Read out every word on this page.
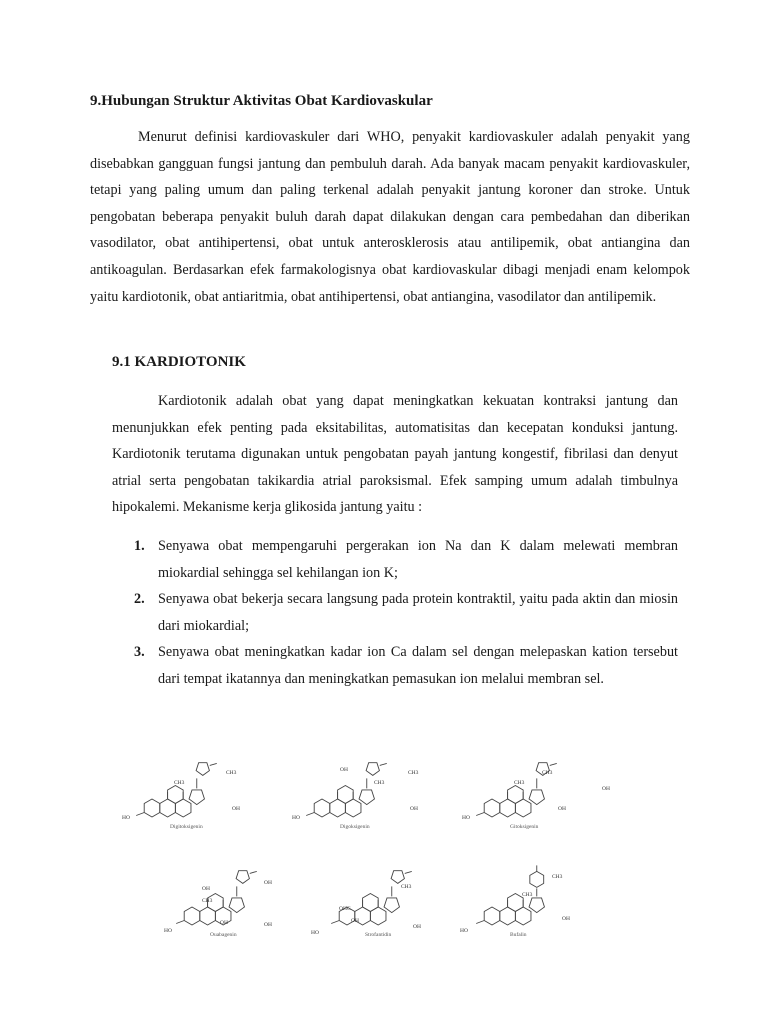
9.Hubungan Struktur Aktivitas Obat Kardiovaskular

Menurut definisi kardiovaskuler dari WHO, penyakit kardiovaskuler adalah penyakit yang disebabkan gangguan fungsi jantung dan pembuluh darah. Ada banyak macam penyakit kardiovaskuler, tetapi yang paling umum dan paling terkenal adalah penyakit jantung koroner dan stroke. Untuk pengobatan beberapa penyakit buluh darah dapat dilakukan dengan cara pembedahan dan diberikan vasodilator, obat antihipertensi, obat untuk anterosklerosis atau antilipemik, obat antiangina dan antikoagulan. Berdasarkan efek farmakologisnya obat kardiovaskular dibagi menjadi enam kelompok yaitu kardiotonik, obat antiaritmia, obat antihipertensi, obat antiangina, vasodilator dan antilipemik.

9.1 KARDIOTONIK

Kardiotonik adalah obat yang dapat meningkatkan kekuatan kontraksi jantung dan menunjukkan efek penting pada eksitabilitas, automatisitas dan kecepatan konduksi jantung. Kardiotonik terutama digunakan untuk pengobatan payah jantung kongestif, fibrilasi dan denyut atrial serta pengobatan takikardia atrial paroksismal. Efek samping umum adalah timbulnya hipokalemi. Mekanisme kerja glikosida jantung yaitu :

1. Senyawa obat mempengaruhi pergerakan ion Na dan K dalam melewati membran miokardial sehingga sel kehilangan ion K;
2. Senyawa obat bekerja secara langsung pada protein kontraktil, yaitu pada aktin dan miosin dari miokardial;
3. Senyawa obat meningkatkan kadar ion Ca dalam sel dengan melepaskan kation tersebut dari tempat ikatannya dan meningkatkan pemasukan ion melalui membran sel.
CH3
CH3
OH
HO
Digitoksigenin
OH
CH3
CH3
OH
HO
Digoksigenin
CH3
CH3
OH
OH
HO
Gitoksigenin
OH
CH3
OH
OH
HO
OH
Ouabagenin
OHC
CH3
OH
OH
HO	Strofantidin
CH3
CH3
OH
HO
Bufalin
